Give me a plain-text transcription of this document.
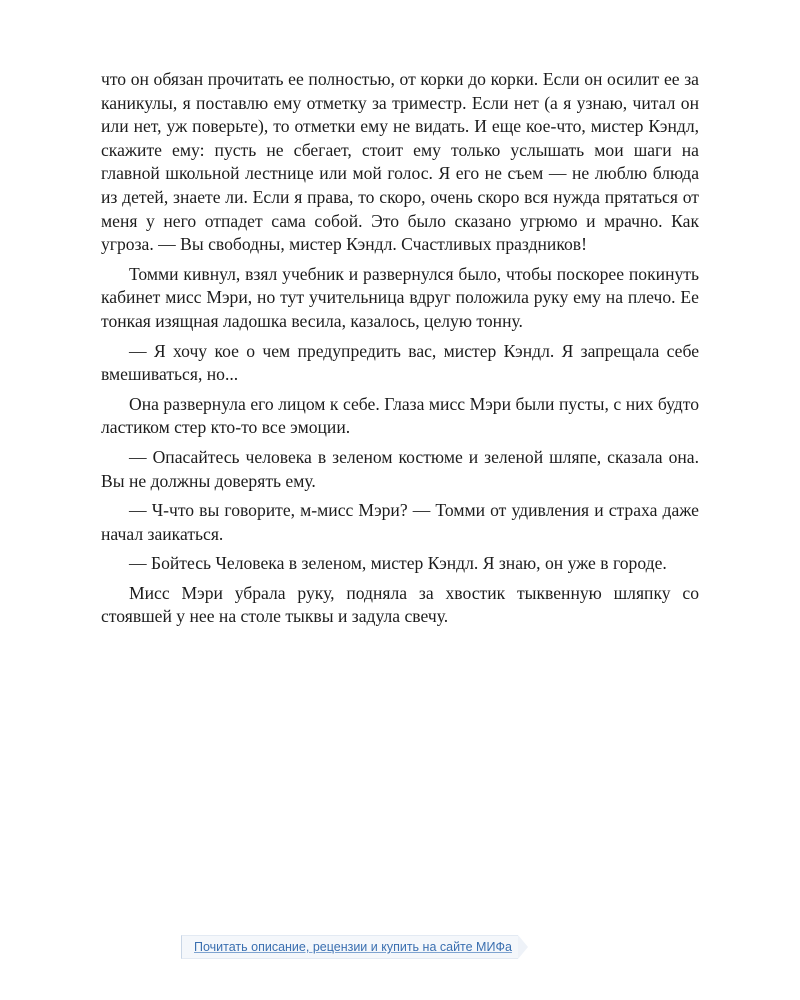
что он обязан прочитать ее полностью, от корки до корки. Если он осилит ее за каникулы, я поставлю ему отметку за триместр. Если нет (а я узнаю, читал он или нет, уж поверьте), то отметки ему не видать. И еще кое-что, мистер Кэндл, скажите ему: пусть не сбегает, стоит ему только услышать мои шаги на главной школьной лестнице или мой голос. Я его не съем — не люблю блюда из детей, знаете ли. Если я права, то скоро, очень скоро вся нужда прятаться от меня у него отпадет сама собой. Это было сказано угрюмо и мрачно. Как угроза. — Вы свободны, мистер Кэндл. Счастливых праздников!

Томми кивнул, взял учебник и развернулся было, чтобы поскорее покинуть кабинет мисс Мэри, но тут учительница вдруг положила руку ему на плечо. Ее тонкая изящная ладошка весила, казалось, целую тонну.

— Я хочу кое о чем предупредить вас, мистер Кэндл. Я запрещала себе вмешиваться, но...

Она развернула его лицом к себе. Глаза мисс Мэри были пусты, с них будто ластиком стер кто-то все эмоции.

— Опасайтесь человека в зеленом костюме и зеленой шляпе, сказала она. Вы не должны доверять ему.

— Ч-что вы говорите, м-мисс Мэри? — Томми от удивления и страха даже начал заикаться.

— Бойтесь Человека в зеленом, мистер Кэндл. Я знаю, он уже в городе.

Мисс Мэри убрала руку, подняла за хвостик тыквенную шляпку со стоявшей у нее на столе тыквы и задула свечу.

Почитать описание, рецензии и купить на сайте МИФа
